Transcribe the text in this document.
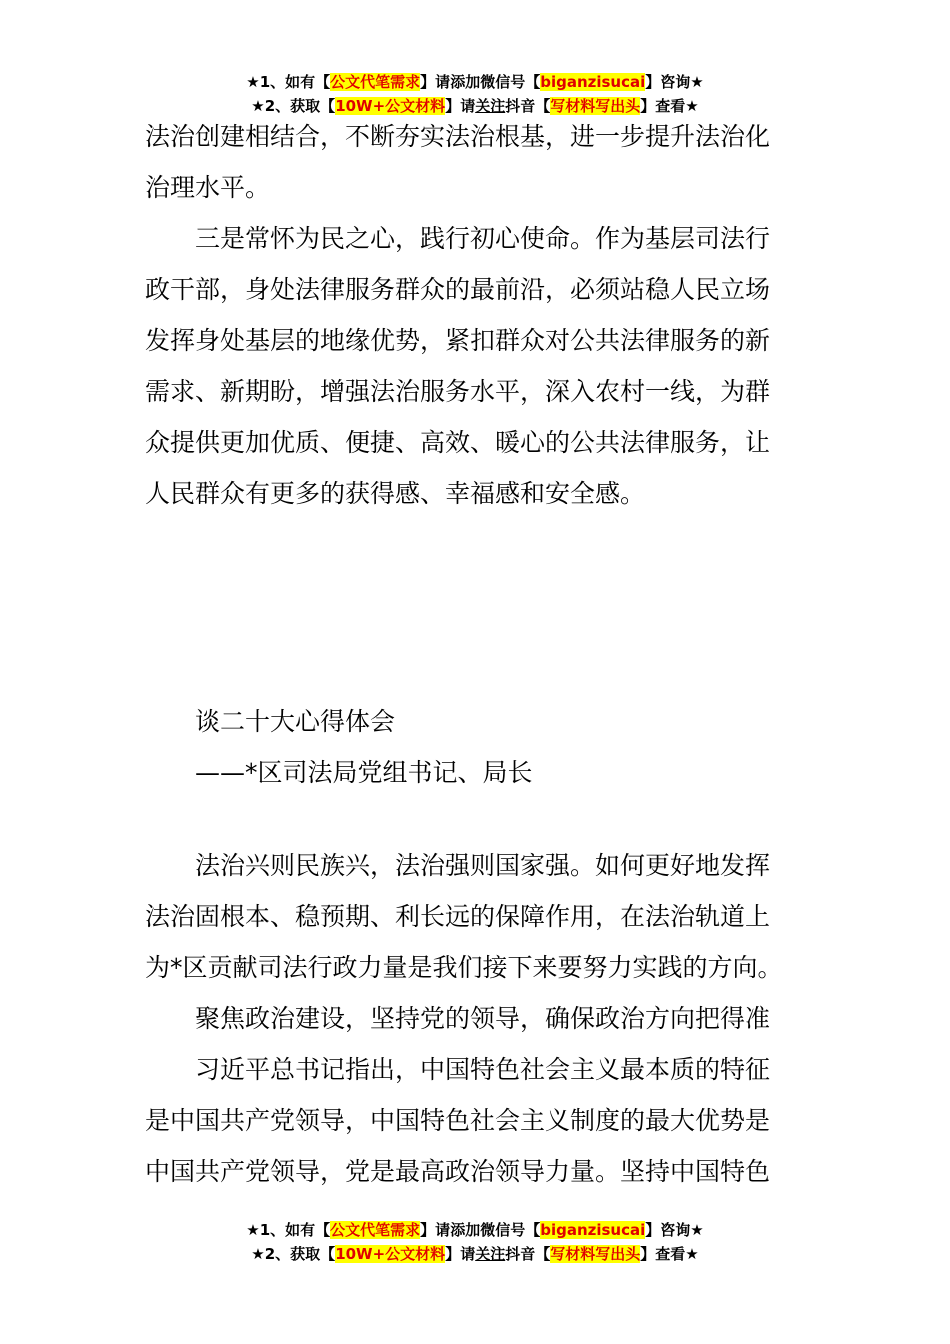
★1、如有【公文代笔需求】请添加微信号【biganzisucai】咨询★
★2、获取【10W+公文材料】请关注抖音【写材料写出头】查看★
法治创建相结合，不断夯实法治根基，进一步提升法治化
治理水平。
三是常怀为民之心，践行初心使命。作为基层司法行
政干部，身处法律服务群众的最前沿，必须站稳人民立场
发挥身处基层的地缘优势，紧扣群众对公共法律服务的新
需求、新期盼，增强法治服务水平，深入农村一线，为群
众提供更加优质、便捷、高效、暖心的公共法律服务，让
人民群众有更多的获得感、幸福感和安全感。
谈二十大心得体会
——*区司法局党组书记、局长
法治兴则民族兴，法治强则国家强。如何更好地发挥
法治固根本、稳预期、利长远的保障作用，在法治轨道上
为*区贡献司法行政力量是我们接下来要努力实践的方向。
聚焦政治建设，坚持党的领导，确保政治方向把得准
习近平总书记指出，中国特色社会主义最本质的特征
是中国共产党领导，中国特色社会主义制度的最大优势是
中国共产党领导，党是最高政治领导力量。坚持中国特色
★1、如有【公文代笔需求】请添加微信号【biganzisucai】咨询★
★2、获取【10W+公文材料】请关注抖音【写材料写出头】查看★
